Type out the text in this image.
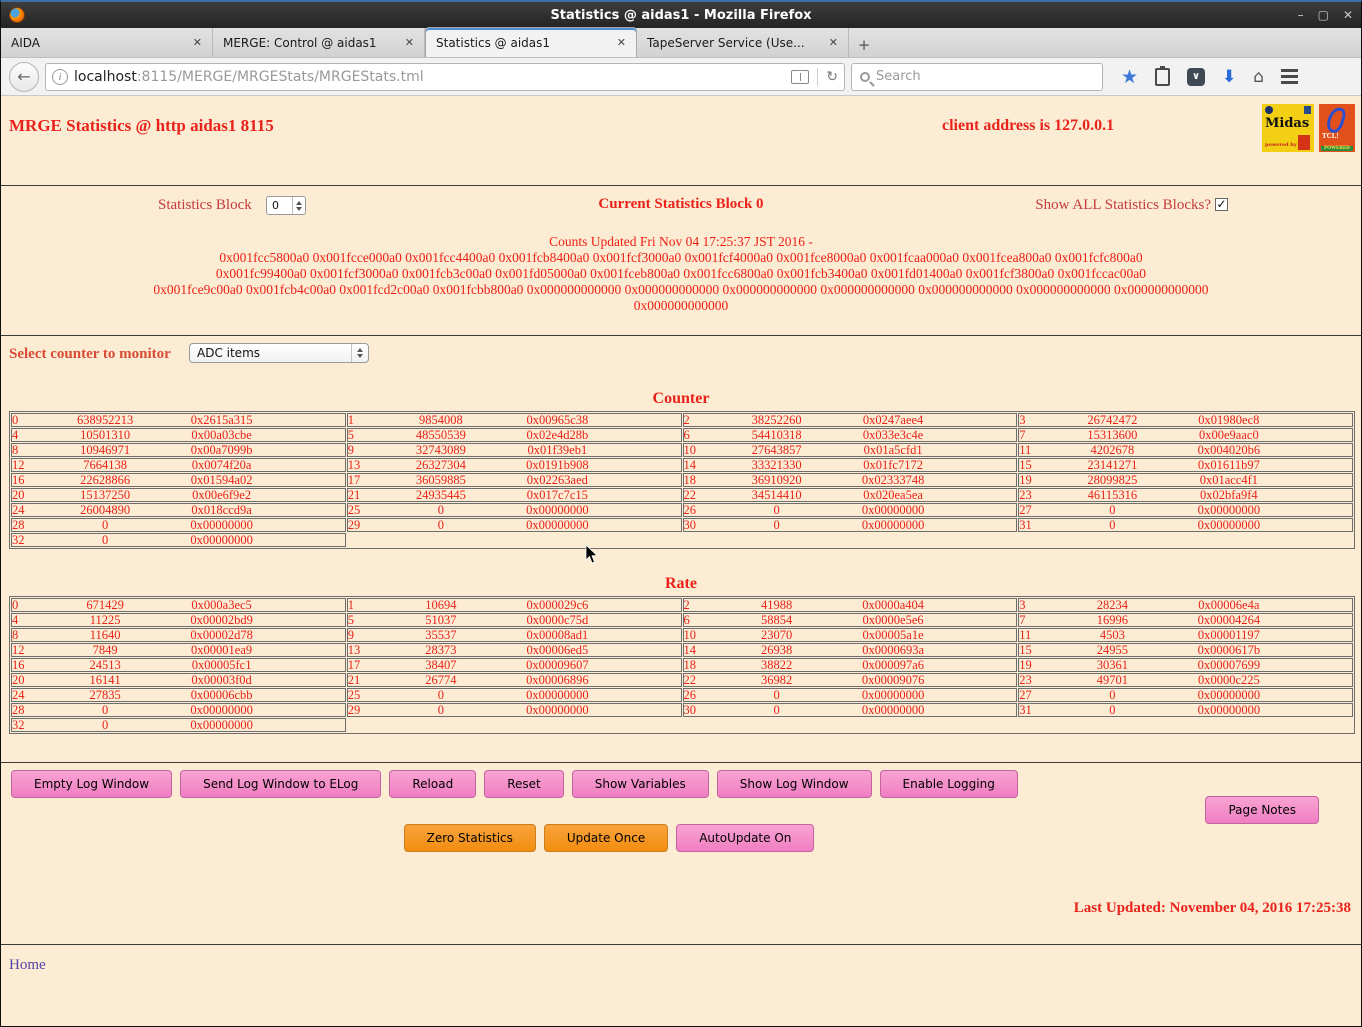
Statistics @ aidas1 - Mozilla Firefox	– ▢ ✕
AIDA	✕ MERGE: Control @ aidas1	✕ Statistics @ aidas1	✕ TapeServer Service (Use...	✕	+
←	i localhost :8115/MERGE/MRGEStats/MRGEStats.tml	↻	Search	★	∨ ⬇ ⌂
MRGE Statistics @ http aidas1 8115	client address is 127.0.0.1	Midas
powered by
TCL!
POWERED
Statistics Block	0	Current Statistics Block 0	Show ALL Statistics Blocks? ✓
Counts Updated Fri Nov 04 17:25:37 JST 2016 -
0x001fcc5800a0 0x001fcce000a0 0x001fcc4400a0 0x001fcb8400a0 0x001fcf3000a0 0x001fcf4000a0 0x001fce8000a0 0x001fcaa000a0 0x001fcea800a0 0x001fcfc800a0
0x001fc99400a0 0x001fcf3000a0 0x001fcb3c00a0 0x001fd05000a0 0x001fceb800a0 0x001fcc6800a0 0x001fcb3400a0 0x001fd01400a0 0x001fcf3800a0 0x001fccac00a0
0x001fce9c00a0 0x001fcb4c00a0 0x001fcd2c00a0 0x001fcbb800a0 0x000000000000 0x000000000000 0x000000000000 0x000000000000 0x000000000000 0x000000000000 0x000000000000
0x000000000000
Select counter to monitor	ADC items
Counter
0 638952213 0x2615a315	1 9854008 0x00965c38	2 38252260 0x0247aee4	3 26742472 0x01980ec8

4 10501310 0x00a03cbe	5 48550539 0x02e4d28b	6 54410318 0x033e3c4e	7 15313600 0x00e9aac0

8 10946971 0x00a7099b	9 32743089 0x01f39eb1	10 27643857 0x01a5cfd1	11 4202678 0x004020b6

12 7664138 0x0074f20a	13 26327304 0x0191b908	14 33321330 0x01fc7172	15 23141271 0x01611b97

16 22628866 0x01594a02	17 36059885 0x02263aed	18 36910920 0x02333748	19 28099825 0x01acc4f1

20 15137250 0x00e6f9e2	21 24935445 0x017c7c15	22 34514410 0x020ea5ea	23 46115316 0x02bfa9f4

24 26004890 0x018ccd9a	25 0 0x00000000	26 0 0x00000000	27 0 0x00000000

28 0 0x00000000	29 0 0x00000000	30 0 0x00000000	31 0 0x00000000

32 0 0x00000000			

Rate
0 671429 0x000a3ec5	1 10694 0x000029c6	2 41988 0x0000a404	3 28234 0x00006e4a

4 11225 0x00002bd9	5 51037 0x0000c75d	6 58854 0x0000e5e6	7 16996 0x00004264

8 11640 0x00002d78	9 35537 0x00008ad1	10 23070 0x00005a1e	11 4503 0x00001197

12 7849 0x00001ea9	13 28373 0x00006ed5	14 26938 0x0000693a	15 24955 0x0000617b

16 24513 0x00005fc1	17 38407 0x00009607	18 38822 0x000097a6	19 30361 0x00007699

20 16141 0x00003f0d	21 26774 0x00006896	22 36982 0x00009076	23 49701 0x0000c225

24 27835 0x00006cbb	25 0 0x00000000	26 0 0x00000000	27 0 0x00000000

28 0 0x00000000	29 0 0x00000000	30 0 0x00000000	31 0 0x00000000

32 0 0x00000000			

Empty Log Window	Send Log Window to ELog	Reload	Reset	Show Variables	Show Log Window	Enable Logging
Page Notes
Zero Statistics	Update Once	AutoUpdate On
Last Updated: November 04, 2016 17:25:38
Home
